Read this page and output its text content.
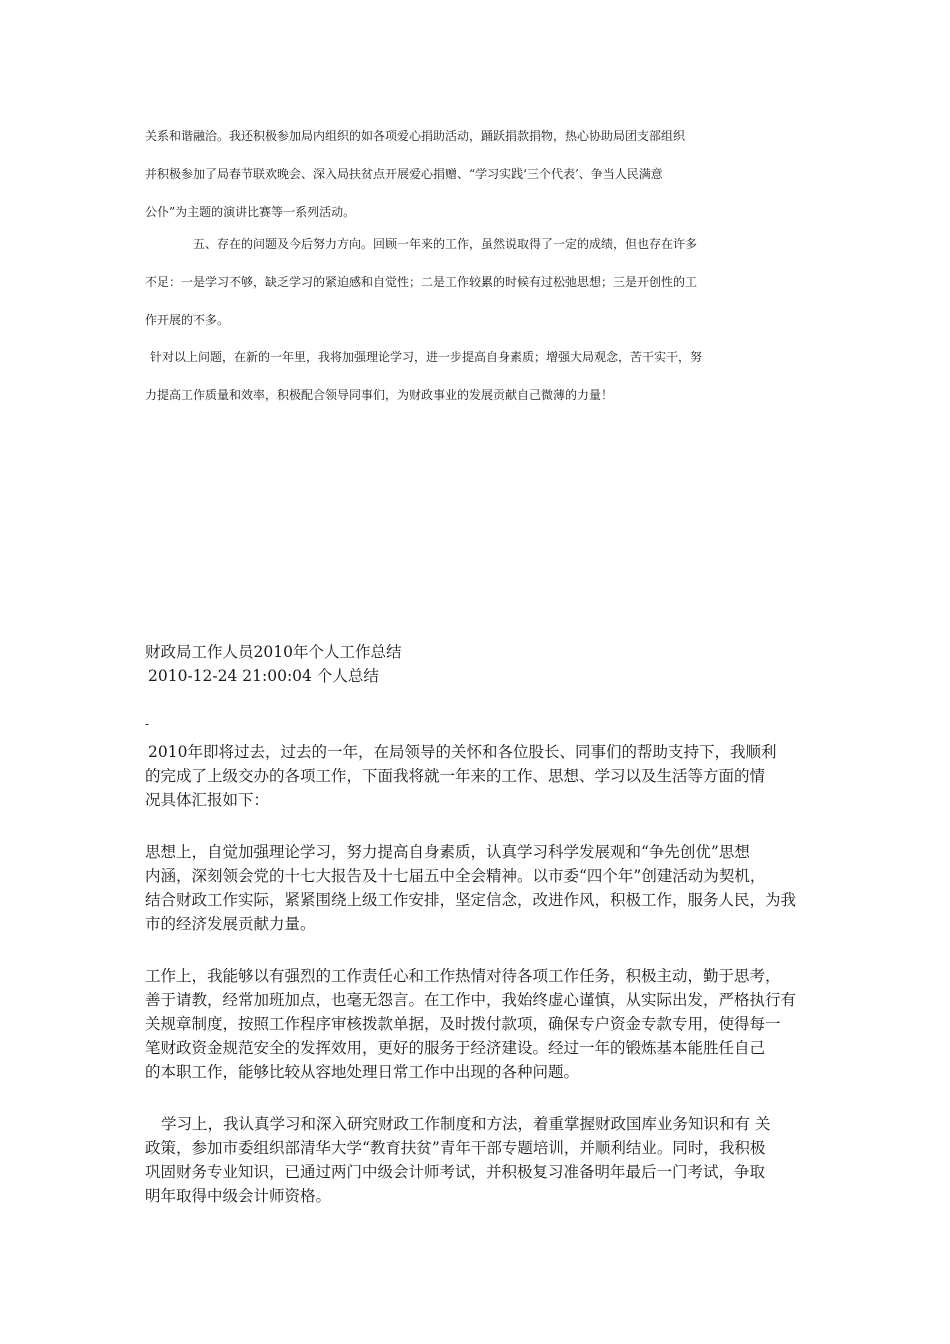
关系和谐融洽。我还积极参加局内组织的如各项爱心捐助活动，踊跃捐款捐物，热心协助局团支部组织
并积极参加了局春节联欢晚会、深入局扶贫点开展爱心捐赠、“学习实践‘三个代表’、争当人民满意
公仆”为主题的演讲比赛等一系列活动。
五、存在的问题及今后努力方向。回顾一年来的工作，虽然说取得了一定的成绩，但也存在许多
不足：一是学习不够，缺乏学习的紧迫感和自觉性；二是工作较累的时候有过松弛思想；三是开创性的工
作开展的不多。
针对以上问题，在新的一年里，我将加强理论学习，进一步提高自身素质；增强大局观念，苦干实干，努
力提高工作质量和效率，积极配合领导同事们，为财政事业的发展贡献自己微薄的力量！
财政局工作人员2010年个人工作总结
2010-12-24 21:00:04 个人总结
-
2010年即将过去，过去的一年，在局领导的关怀和各位股长、同事们的帮助支持下，我顺利
的完成了上级交办的各项工作，下面我将就一年来的工作、思想、学习以及生活等方面的情
况具体汇报如下：
思想上，自觉加强理论学习，努力提高自身素质，认真学习科学发展观和“争先创优”思想
内涵，深刻领会党的十七大报告及十七届五中全会精神。以市委“四个年”创建活动为契机，
结合财政工作实际，紧紧围绕上级工作安排，坚定信念，改进作风，积极工作，服务人民，为我
市的经济发展贡献力量。
工作上，我能够以有强烈的工作责任心和工作热情对待各项工作任务，积极主动，勤于思考，
善于请教，经常加班加点，也毫无怨言。在工作中，我始终虚心谨慎，从实际出发，严格执行有
关规章制度，按照工作程序审核拨款单据，及时拨付款项，确保专户资金专款专用，使得每一
笔财政资金规范安全的发挥效用，更好的服务于经济建设。经过一年的锻炼基本能胜任自己
的本职工作，能够比较从容地处理日常工作中出现的各种问题。
学习上，我认真学习和深入研究财政工作制度和方法，着重掌握财政国库业务知识和有 关
政策，参加市委组织部清华大学“教育扶贫”青年干部专题培训，并顺利结业。同时，我积极
巩固财务专业知识，已通过两门中级会计师考试，并积极复习准备明年最后一门考试，争取
明年取得中级会计师资格。
